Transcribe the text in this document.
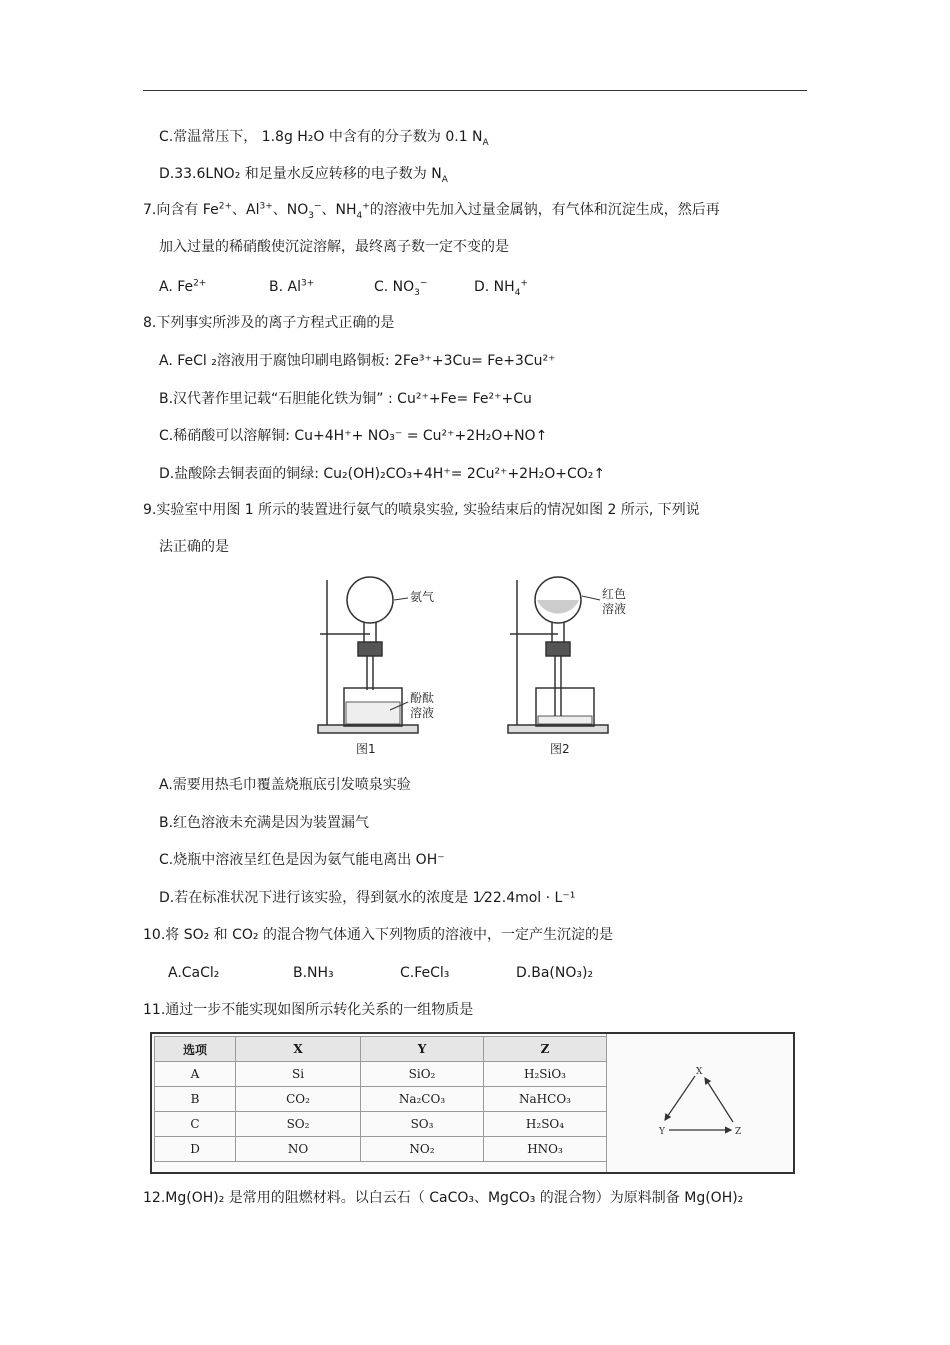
C.常温常压下， 1.8g H₂O 中含有的分子数为 0.1 $N_A$
D.33.6LNO₂ 和足量水反应转移的电子数为 $N_A$
7.向含有 $Fe^{2+}$、$Al^{3+}$、$NO_3^-$、$NH_4^+$的溶液中先加入过量金属钠，有气体和沉淀生成，然后再
加入过量的稀硝酸使沉淀溶解，最终离子数一定不变的是
A. $Fe^{2+}$	B. $Al^{3+}$	C. $NO_3^-$	D. $NH_4^+$
8.下列事实所涉及的离子方程式正确的是
A. FeCl ₂溶液用于腐蚀印刷电路铜板: 2Fe³⁺+3Cu= Fe+3Cu²⁺
B.汉代著作里记载“石胆能化铁为铜” : Cu²⁺+Fe= Fe²⁺+Cu
C.稀硝酸可以溶解铜: Cu+4H⁺+ NO₃⁻ = Cu²⁺+2H₂O+NO↑
D.盐酸除去铜表面的铜绿: Cu₂(OH)₂CO₃+4H⁺= 2Cu²⁺+2H₂O+CO₂↑
9.实验室中用图 1 所示的装置进行氨气的喷泉实验, 实验结束后的情况如图 2 所示, 下列说
法正确的是
氨气
酚酞
溶液
图1
红色
溶液
图2
A.需要用热毛巾覆盖烧瓶底引发喷泉实验
B.红色溶液未充满是因为装置漏气
C.烧瓶中溶液呈红色是因为氨气能电离出 OH⁻
D.若在标准状况下进行该实验，得到氨水的浓度是 1⁄22.4mol · L⁻¹
10.将 SO₂ 和 CO₂ 的混合物气体通入下列物质的溶液中，一定产生沉淀的是
A.CaCl₂	B.NH₃	C.FeCl₃	D.Ba(NO₃)₂
11.通过一步不能实现如图所示转化关系的一组物质是
选项	X	Y	Z
A	Si	SiO₂	H₂SiO₃
B	CO₂	Na₂CO₃	NaHCO₃
C	SO₂	SO₃	H₂SO₄
D	NO	NO₂	HNO₃
X
Y	Z
12.Mg(OH)₂ 是常用的阻燃材料。以白云石（ CaCO₃、MgCO₃ 的混合物）为原料制备 Mg(OH)₂
